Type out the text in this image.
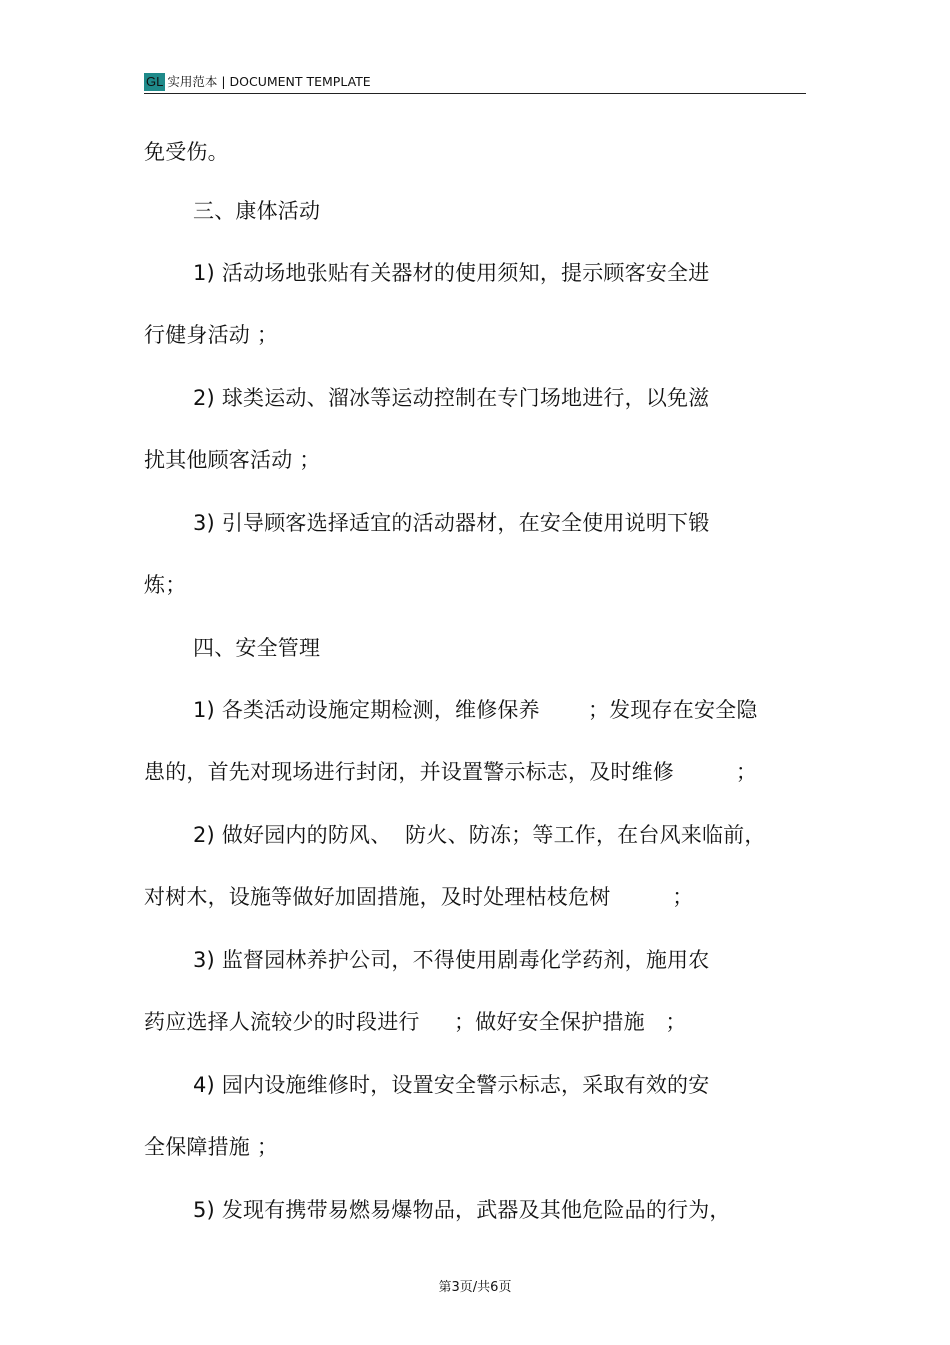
GL 实用范本 | DOCUMENT TEMPLATE
免受伤。
三、康体活动
1) 活动场地张贴有关器材的使用须知，提示顾客安全进
行健身活动 ；
2) 球类运动、溜冰等运动控制在专门场地进行，以免滋
扰其他顾客活动 ；
3) 引导顾客选择适宜的活动器材，在安全使用说明下锻
炼；
四、安全管理
1) 各类活动设施定期检测，维修保养       ；发现存在安全隐
患的，首先对现场进行封闭，并设置警示标志，及时维修         ；
2) 做好园内的防风、  防火、防冻；等工作，在台风来临前，
对树木，设施等做好加固措施，及时处理枯枝危树         ；
3) 监督园林养护公司，不得使用剧毒化学药剂，施用农
药应选择人流较少的时段进行     ；做好安全保护措施   ；
4) 园内设施维修时，设置安全警示标志，采取有效的安
全保障措施 ；
5) 发现有携带易燃易爆物品，武器及其他危险品的行为，
第3页/共6页
